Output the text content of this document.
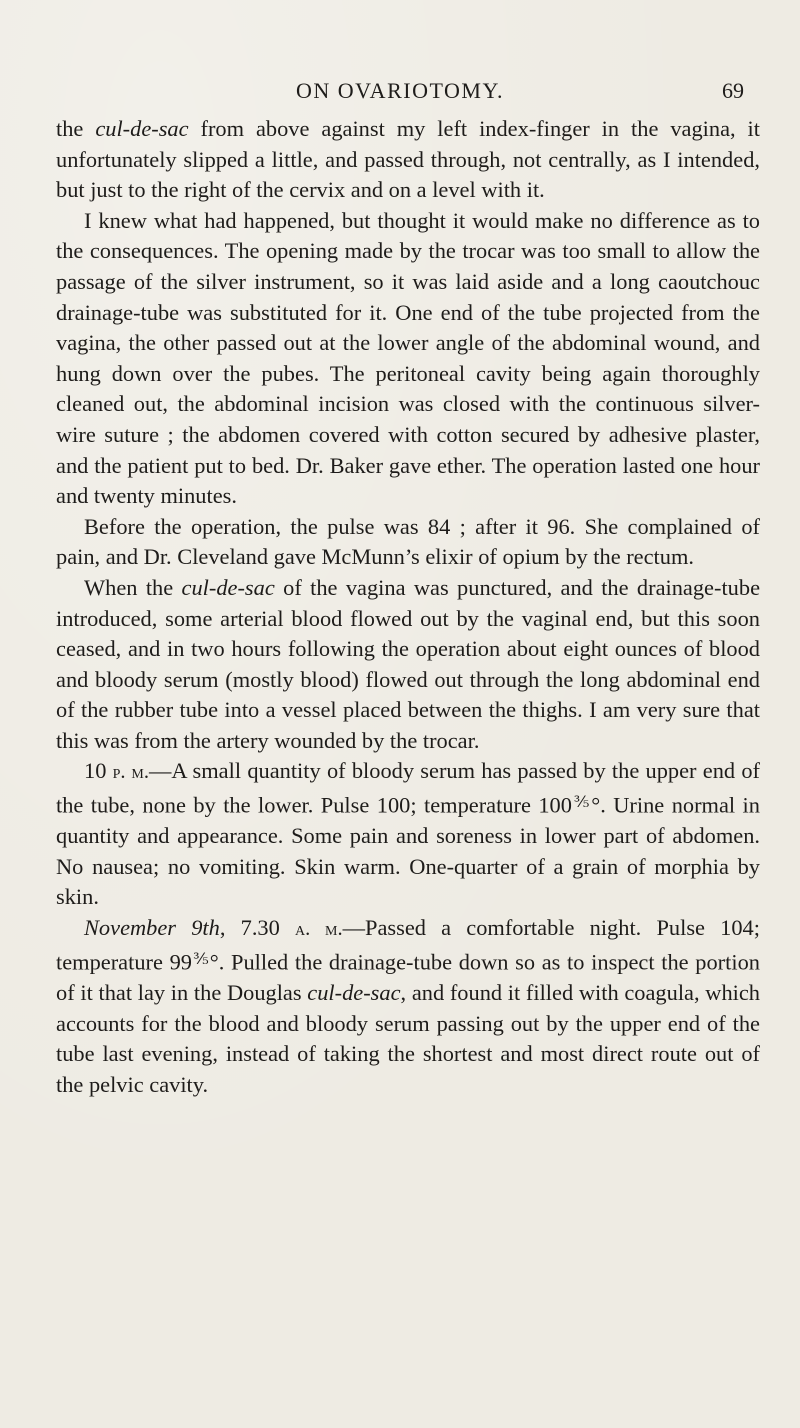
ON OVARIOTOMY.	69

the cul-de-sac from above against my left index-finger in the vagina, it unfortunately slipped a little, and passed through, not centrally, as I intended, but just to the right of the cervix and on a level with it.

I knew what had happened, but thought it would make no difference as to the consequences. The opening made by the trocar was too small to allow the passage of the silver instrument, so it was laid aside and a long caoutchouc drainage-tube was substituted for it. One end of the tube projected from the vagina, the other passed out at the lower angle of the abdominal wound, and hung down over the pubes. The peritoneal cavity being again thoroughly cleaned out, the abdominal incision was closed with the continuous silver-wire suture ; the abdomen covered with cotton secured by adhesive plaster, and the patient put to bed. Dr. Baker gave ether. The operation lasted one hour and twenty minutes.

Before the operation, the pulse was 84 ; after it 96. She complained of pain, and Dr. Cleveland gave McMunn’s elixir of opium by the rectum.

When the cul-de-sac of the vagina was punctured, and the drainage-tube introduced, some arterial blood flowed out by the vaginal end, but this soon ceased, and in two hours following the operation about eight ounces of blood and bloody serum (mostly blood) flowed out through the long abdominal end of the rubber tube into a vessel placed between the thighs. I am very sure that this was from the artery wounded by the trocar.

10 p. m.—A small quantity of bloody serum has passed by the upper end of the tube, none by the lower. Pulse 100; temperature $100^{\frac{3}{5}}^\circ$. Urine normal in quantity and appearance. Some pain and soreness in lower part of abdomen. No nausea; no vomiting. Skin warm. One-quarter of a grain of morphia by skin.

November 9th, 7.30 a. m.—Passed a comfortable night. Pulse 104; temperature $99^{\frac{3}{5}}^\circ$. Pulled the drainage-tube down so as to inspect the portion of it that lay in the Douglas cul-de-sac, and found it filled with coagula, which accounts for the blood and bloody serum passing out by the upper end of the tube last evening, instead of taking the shortest and most direct route out of the pelvic cavity.
